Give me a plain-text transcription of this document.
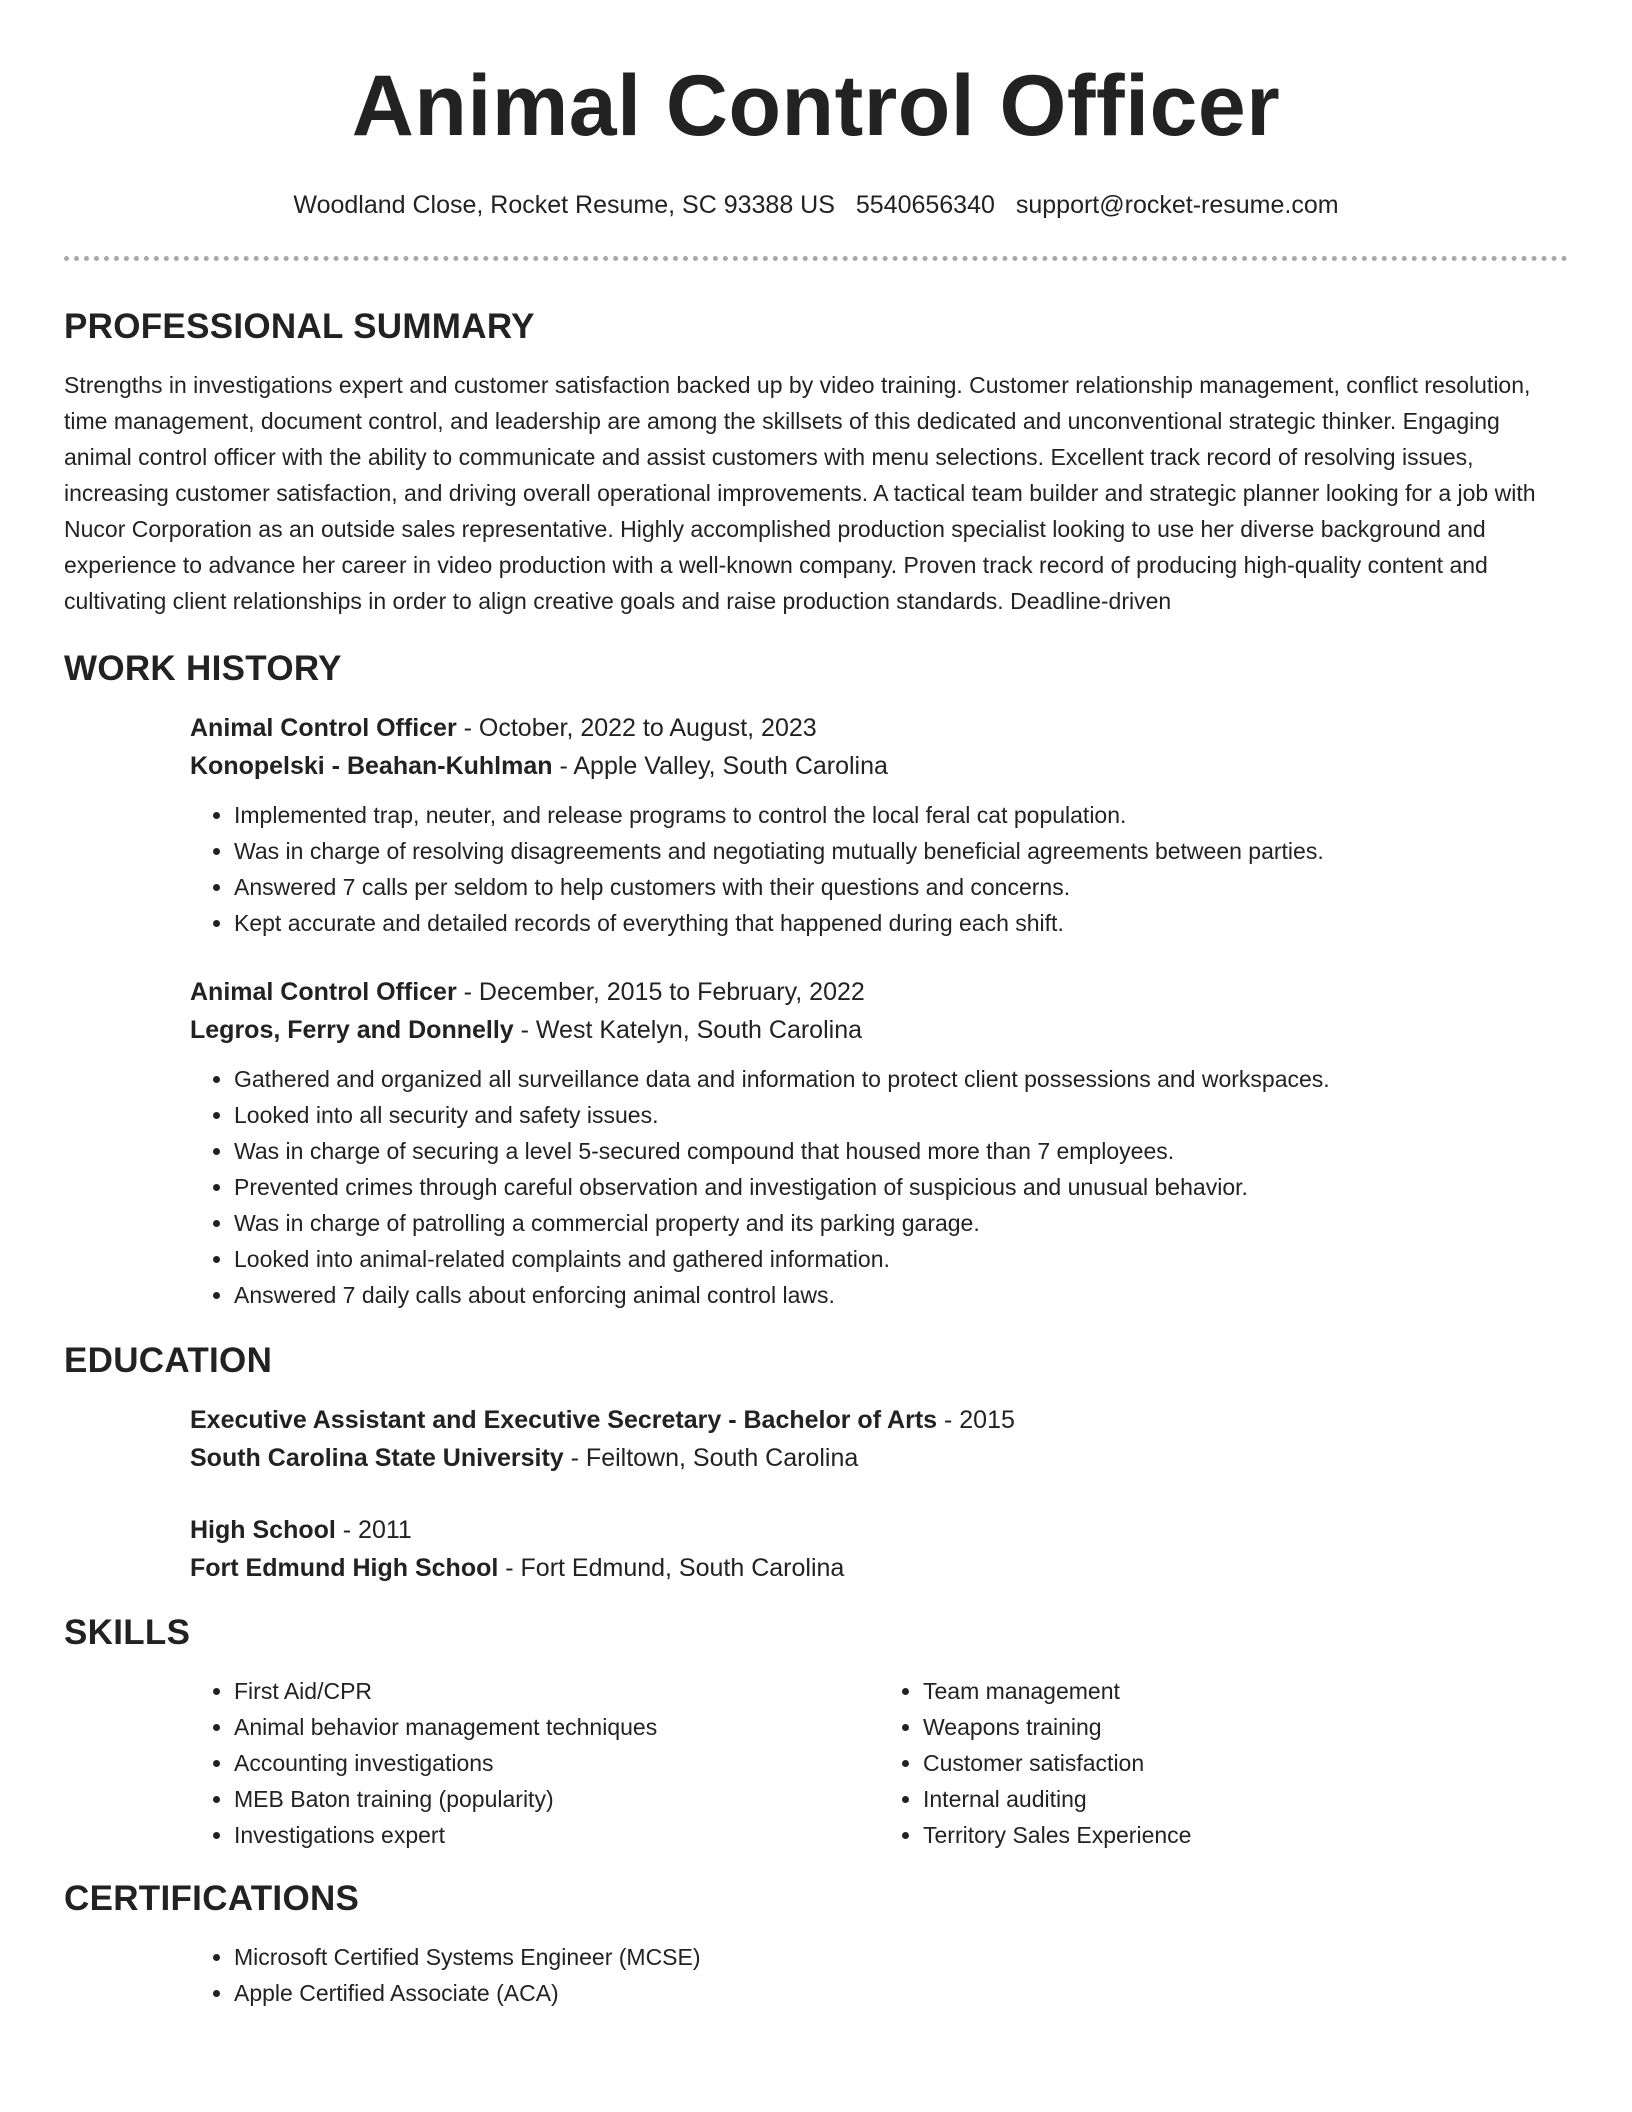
Animal Control Officer
Woodland Close, Rocket Resume, SC 93388 US 5540656340 support@rocket-resume.com
PROFESSIONAL SUMMARY

Strengths in investigations expert and customer satisfaction backed up by video training. Customer relationship management, conflict resolution, time management, document control, and leadership are among the skillsets of this dedicated and unconventional strategic thinker. Engaging animal control officer with the ability to communicate and assist customers with menu selections. Excellent track record of resolving issues, increasing customer satisfaction, and driving overall operational improvements. A tactical team builder and strategic planner looking for a job with Nucor Corporation as an outside sales representative. Highly accomplished production specialist looking to use her diverse background and experience to advance her career in video production with a well-known company. Proven track record of producing high-quality content and cultivating client relationships in order to align creative goals and raise production standards. Deadline-driven

WORK HISTORY
Animal Control Officer - October, 2022 to August, 2023
Konopelski - Beahan-Kuhlman - Apple Valley, South Carolina
• Implemented trap, neuter, and release programs to control the local feral cat population.
• Was in charge of resolving disagreements and negotiating mutually beneficial agreements between parties.
• Answered 7 calls per seldom to help customers with their questions and concerns.
• Kept accurate and detailed records of everything that happened during each shift.
Animal Control Officer - December, 2015 to February, 2022
Legros, Ferry and Donnelly - West Katelyn, South Carolina
• Gathered and organized all surveillance data and information to protect client possessions and workspaces.
• Looked into all security and safety issues.
• Was in charge of securing a level 5-secured compound that housed more than 7 employees.
• Prevented crimes through careful observation and investigation of suspicious and unusual behavior.
• Was in charge of patrolling a commercial property and its parking garage.
• Looked into animal-related complaints and gathered information.
• Answered 7 daily calls about enforcing animal control laws.
EDUCATION
Executive Assistant and Executive Secretary - Bachelor of Arts - 2015
South Carolina State University - Feiltown, South Carolina
High School - 2011
Fort Edmund High School - Fort Edmund, South Carolina
SKILLS
• First Aid/CPR
• Animal behavior management techniques
• Accounting investigations
• MEB Baton training (popularity)
• Investigations expert
• Team management
• Weapons training
• Customer satisfaction
• Internal auditing
• Territory Sales Experience
CERTIFICATIONS
• Microsoft Certified Systems Engineer (MCSE)
• Apple Certified Associate (ACA)
